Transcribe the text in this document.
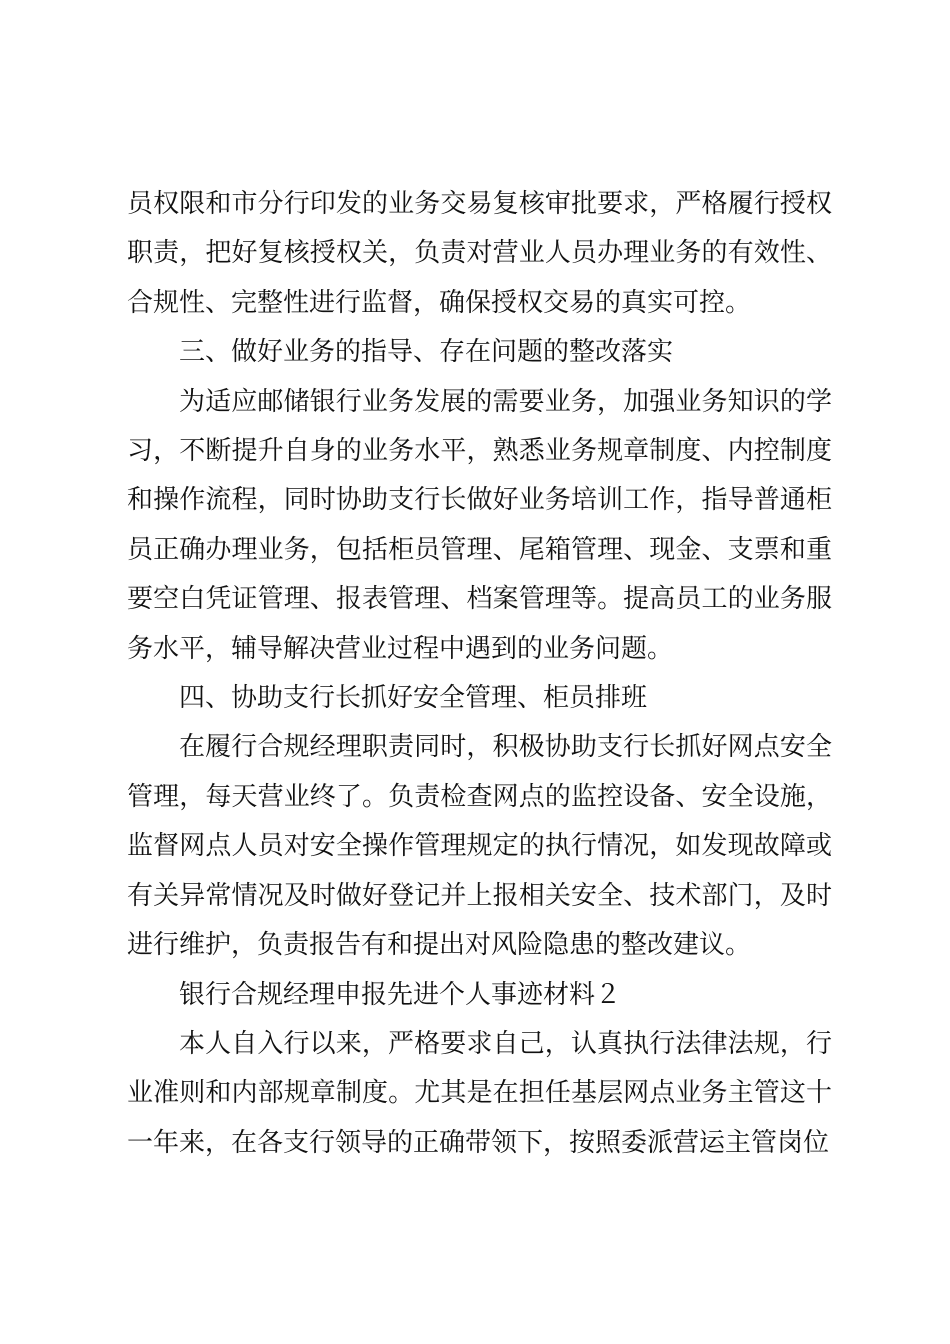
员权限和市分行印发的业务交易复核审批要求，严格履行授权职责，把好复核授权关，负责对营业人员办理业务的有效性、合规性、完整性进行监督，确保授权交易的真实可控。

三、做好业务的指导、存在问题的整改落实

为适应邮储银行业务发展的需要业务，加强业务知识的学习，不断提升自身的业务水平，熟悉业务规章制度、内控制度和操作流程，同时协助支行长做好业务培训工作，指导普通柜员正确办理业务，包括柜员管理、尾箱管理、现金、支票和重要空白凭证管理、报表管理、档案管理等。提高员工的业务服务水平，辅导解决营业过程中遇到的业务问题。

四、协助支行长抓好安全管理、柜员排班

在履行合规经理职责同时，积极协助支行长抓好网点安全管理，每天营业终了。负责检查网点的监控设备、安全设施，监督网点人员对安全操作管理规定的执行情况，如发现故障或有关异常情况及时做好登记并上报相关安全、技术部门，及时进行维护，负责报告有和提出对风险隐患的整改建议。

银行合规经理申报先进个人事迹材料２

本人自入行以来，严格要求自己，认真执行法律法规，行业准则和内部规章制度。尤其是在担任基层网点业务主管这十一年来，在各支行领导的正确带领下，按照委派营运主管岗位
